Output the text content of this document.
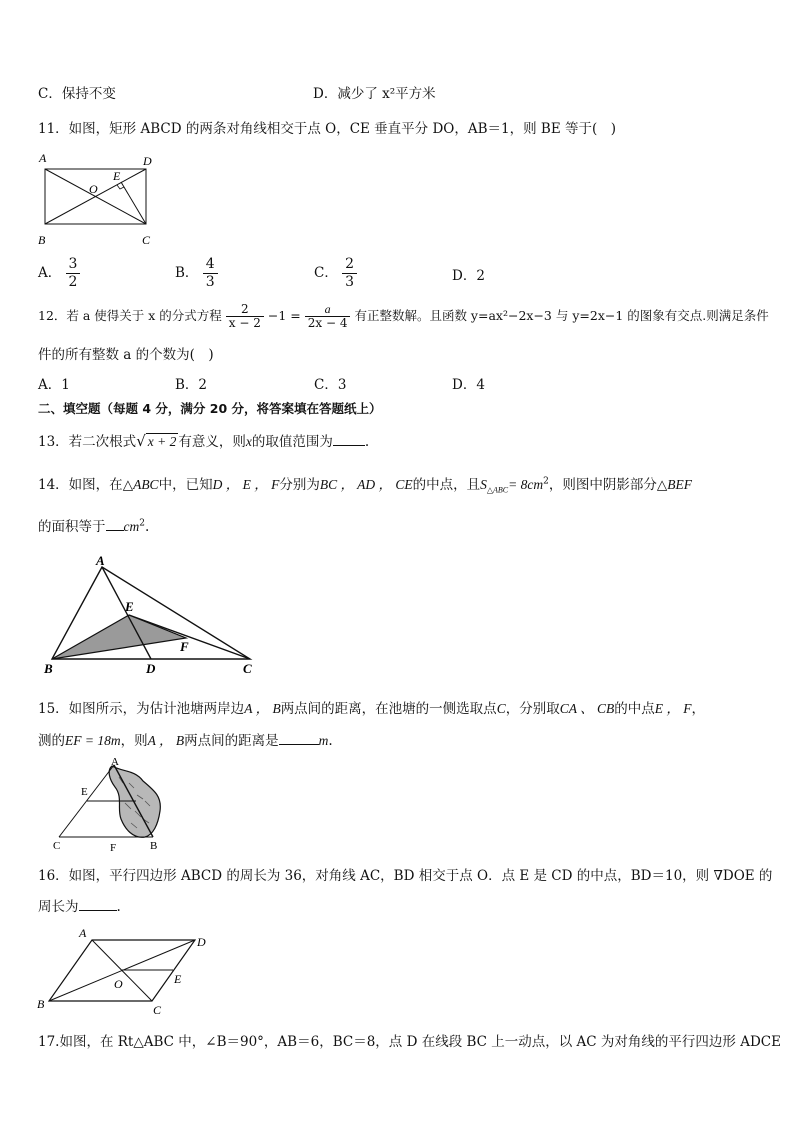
C．保持不变	D．减少了 x²平方米
11．如图，矩形 ABCD 的两条对角线相交于点 O，CE 垂直平分 DO，AB＝1，则 BE 等于(　)
A	D
O
E
B	C
A． $\frac{3}{2}$	B． $\frac{4}{3}$	C． $\frac{2}{3}$	D．2
12．若 a 使得关于 x 的分式方程 $\frac{2}{x - 2} -1 = \frac{a}{2x - 4}$ 有正整数解。且函数 y=ax²−2x−3 与 y=2x−1 的图象有交点.则满足条件
件的所有整数 a 的个数为(　)
A．1	B．2	C．3	D．4
二、填空题（每题 4 分，满分 20 分，将答案填在答题纸上）
13．若二次根式√ x + 2 有意义，则x的取值范围为 .
14．如图，在△ABC中，已知D ， E ， F分别为BC ， AD ， CE的中点，且$S_{\triangle ABC}= 8cm^2$，则图中阴影部分△BEF
的面积等于 $cm^2$.
A
E
F
B	D	C
15．如图所示，为估计池塘两岸边A ， B两点间的距离，在池塘的一侧选取点C，分别取CA 、 CB的中点E ， F，
测的EF = 18m，则A ， B两点间的距离是	m.
A
E
B
C	F
16．如图，平行四边形 ABCD 的周长为 36，对角线 AC，BD 相交于点 O．点 E 是 CD 的中点，BD＝10，则 ∇DOE 的
周长为	.
A
D
E
O
B	C
17.如图，在 Rt△ABC 中，∠B＝90°，AB＝6，BC＝8，点 D 在线段 BC 上一动点，以 AC 为对角线的平行四边形 ADCE
